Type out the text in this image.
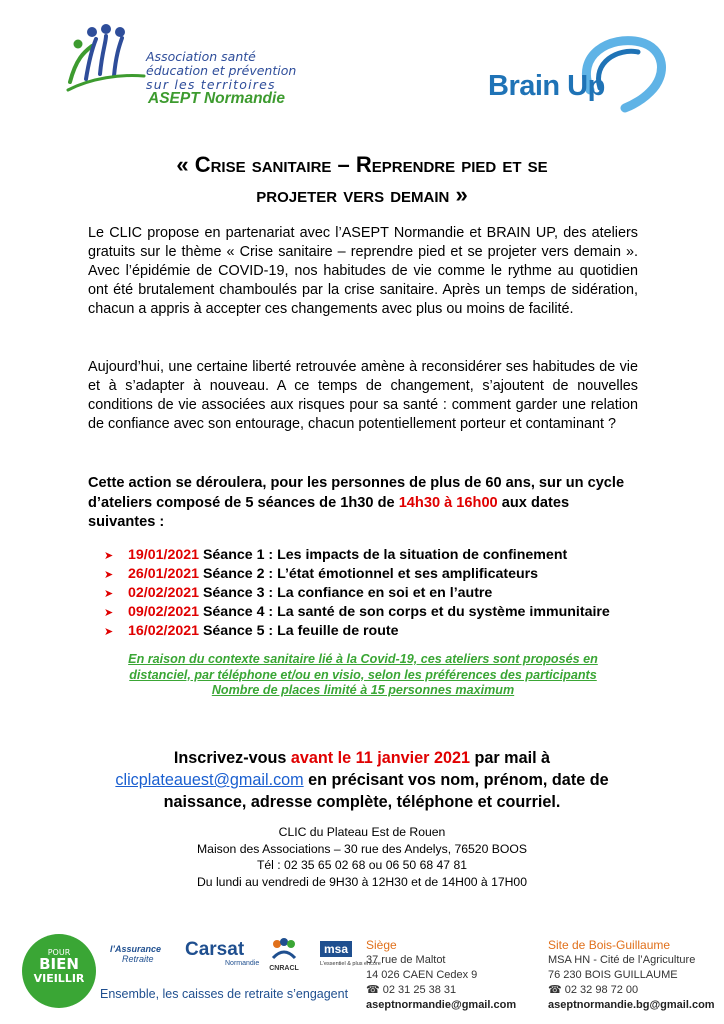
Association santé
éducation et prévention
sur les territoires
ASEPT Normandie	Brain Up
« Crise sanitaire – Reprendre pied et se
projeter vers demain »
Le CLIC propose en partenariat avec l’ASEPT Normandie et BRAIN UP, des ateliers gratuits sur le thème « Crise sanitaire – reprendre pied et se projeter vers demain ». Avec l’épidémie de COVID-19, nos habitudes de vie comme le rythme au quotidien ont été brutalement chamboulés par la crise sanitaire. Après un temps de sidération, chacun a appris à accepter ces changements avec plus ou moins de facilité.
Aujourd’hui, une certaine liberté retrouvée amène à reconsidérer ses habitudes de vie et à s’adapter à nouveau. A ce temps de changement, s’ajoutent de nouvelles conditions de vie associées aux risques pour sa santé : comment garder une relation de confiance avec son entourage, chacun potentiellement porteur et contaminant ?
Cette action se déroulera, pour les personnes de plus de 60 ans, sur un cycle d’ateliers composé de 5 séances de 1h30 de 14h30 à 16h00 aux dates suivantes :
➤ 19/01/2021 Séance 1 : Les impacts de la situation de confinement
➤ 26/01/2021 Séance 2 : L’état émotionnel et ses amplificateurs
➤ 02/02/2021 Séance 3 : La confiance en soi et en l’autre
➤ 09/02/2021 Séance 4 : La santé de son corps et du système immunitaire
➤ 16/02/2021 Séance 5 : La feuille de route
En raison du contexte sanitaire lié à la Covid-19, ces ateliers sont proposés en
distanciel, par téléphone et/ou en visio, selon les préférences des participants
Nombre de places limité à 15 personnes maximum
Inscrivez-vous avant le 11 janvier 2021 par mail à
clicplateauest@gmail.com en précisant vos nom, prénom, date de naissance, adresse complète, téléphone et courriel.
CLIC du Plateau Est de Rouen
Maison des Associations – 30 rue des Andelys, 76520 BOOS
Tél : 02 35 65 02 68 ou 06 50 68 47 81
Du lundi au vendredi de 9H30 à 12H30 et de 14H00 à 17H00
POUR
BIEN
VIEILLIR
l’Assurance
Retraite	Carsat
Normandie
CNRACL
msa
L’essentiel & plus encore
Ensemble, les caisses de retraite s’engagent
Siège
37 rue de Maltot
14 026 CAEN Cedex 9
☎ 02 31 25 38 31
aseptnormandie@gmail.com
Site de Bois-Guillaume
MSA HN - Cité de l’Agriculture
76 230 BOIS GUILLAUME
☎ 02 32 98 72 00
aseptnormandie.bg@gmail.com
